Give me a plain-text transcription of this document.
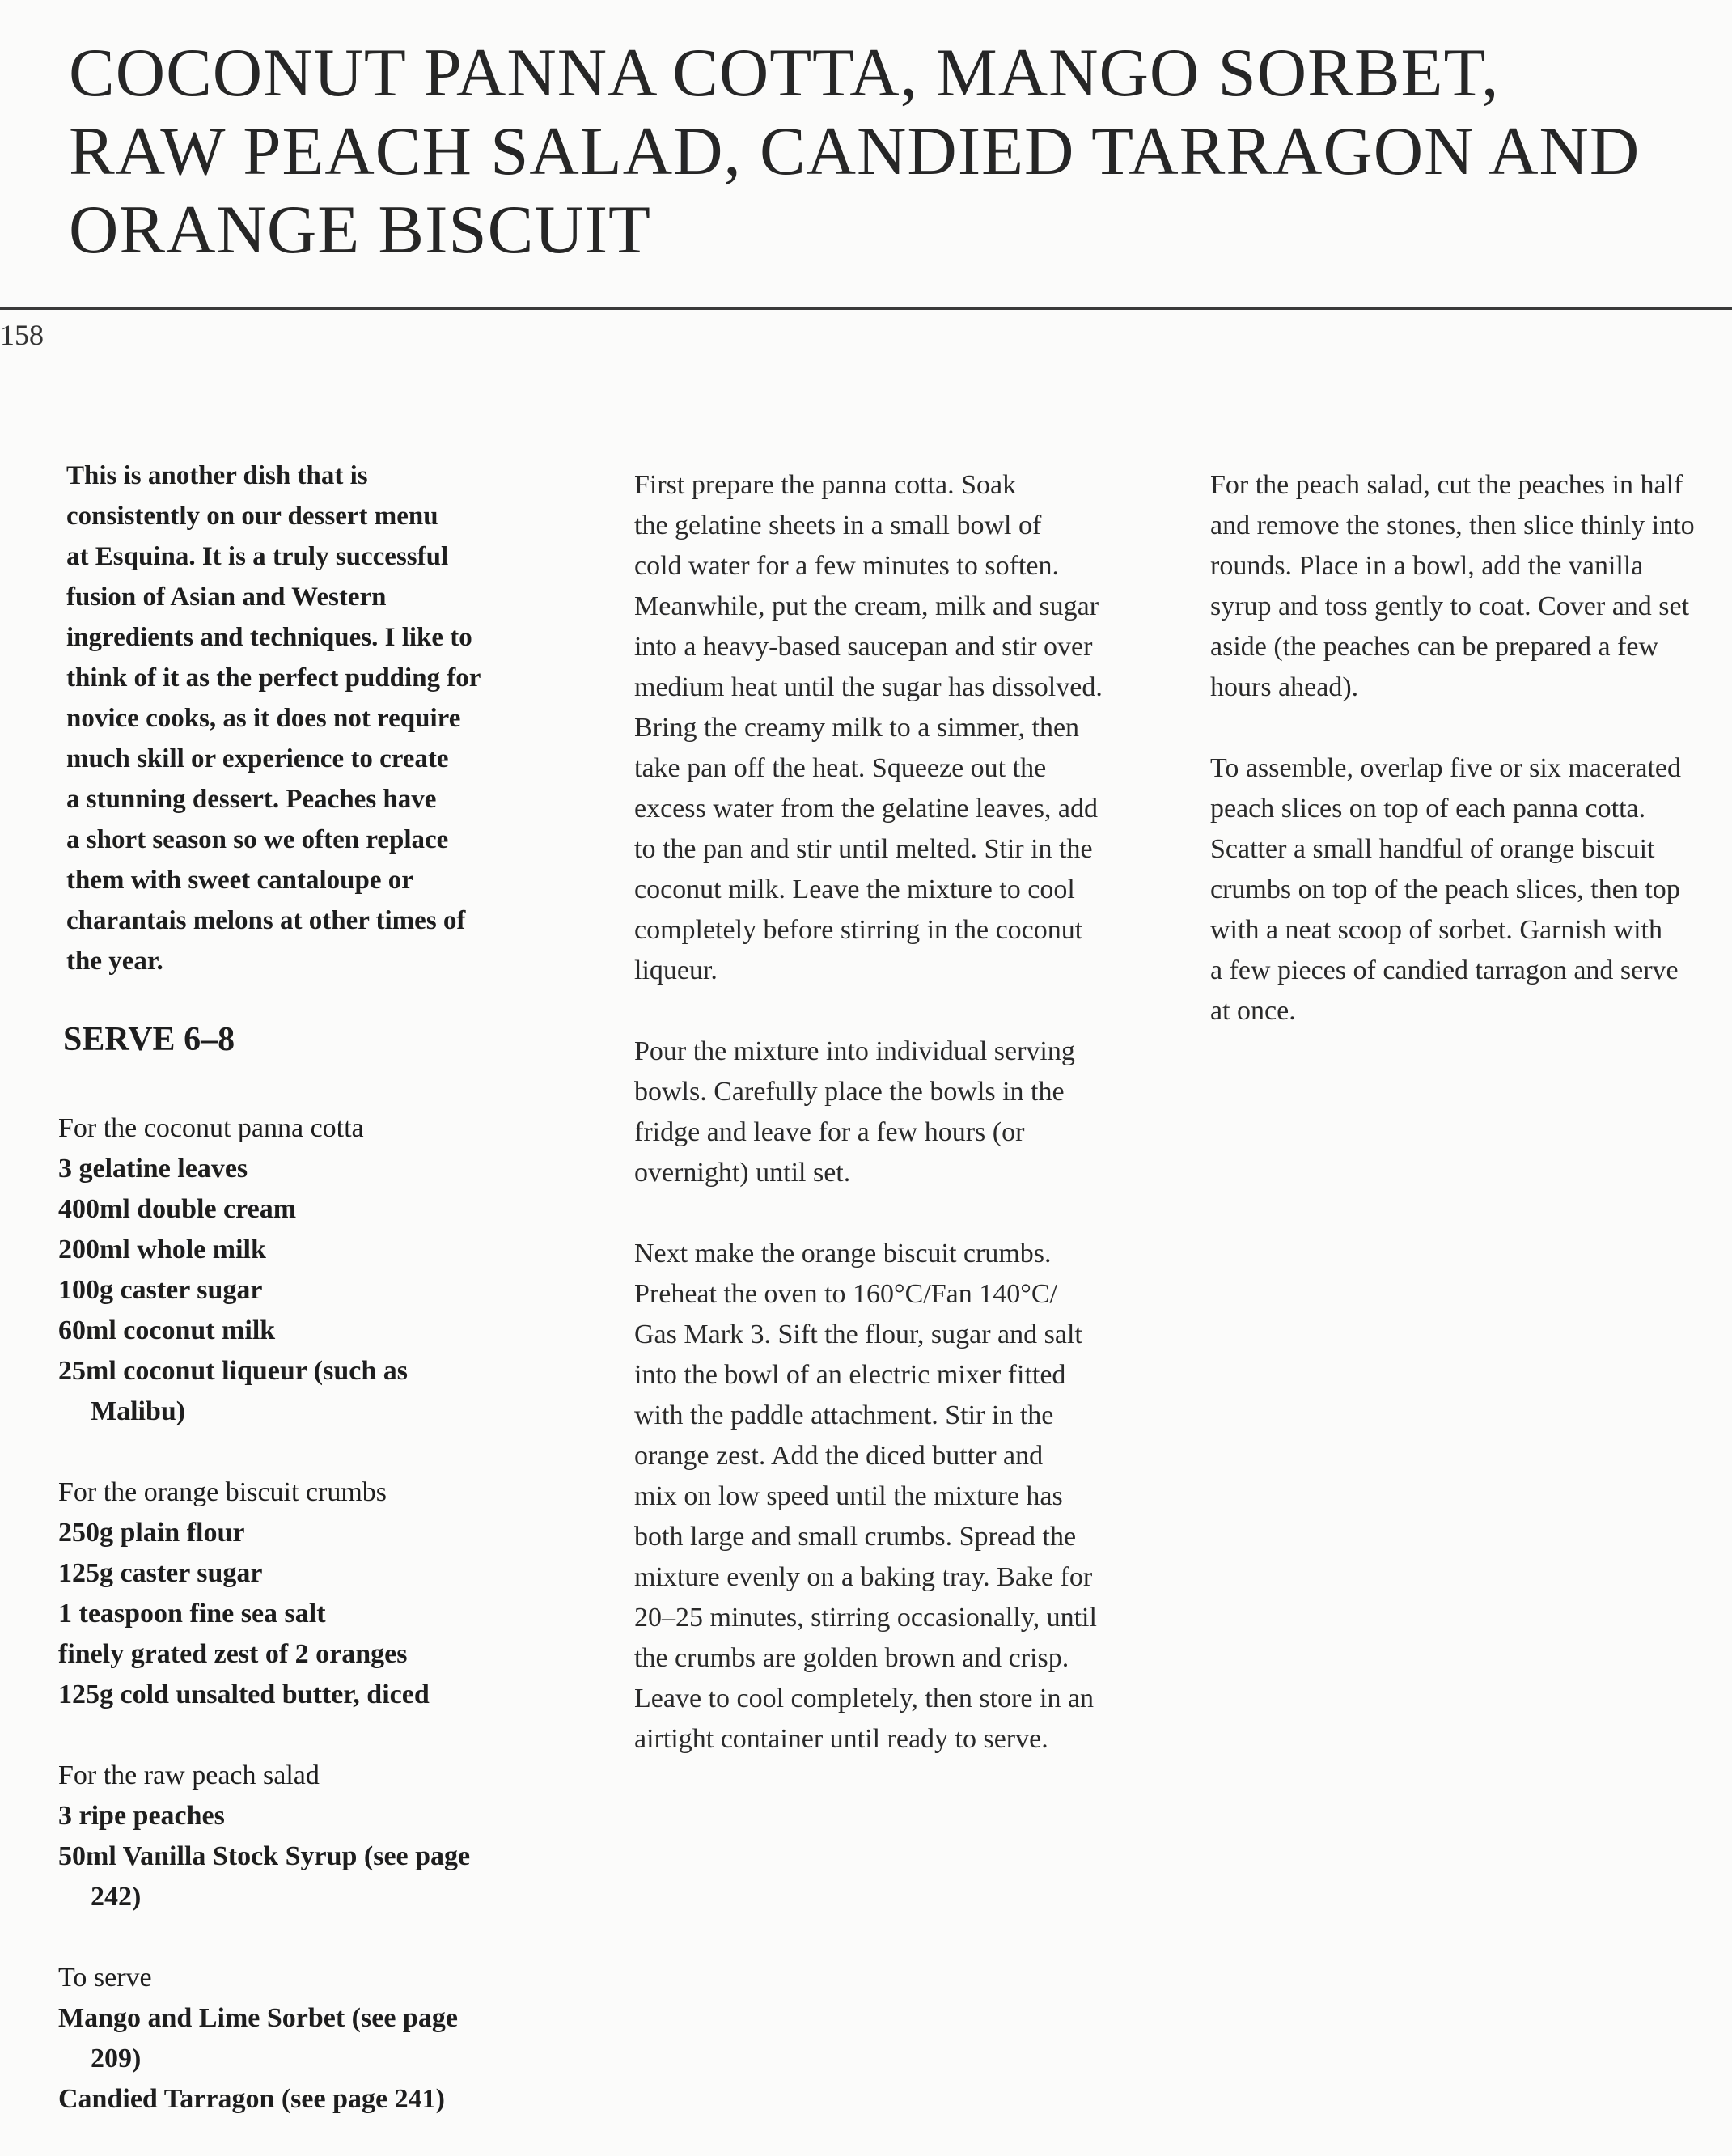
COCONUT PANNA COTTA, MANGO SORBET,
RAW PEACH SALAD, CANDIED TARRAGON AND
ORANGE BISCUIT
158

This is another dish that is

consistently on our dessert menu

at Esquina. It is a truly successful

fusion of Asian and Western

ingredients and techniques. I like to

think of it as the perfect pudding for

novice cooks, as it does not require

much skill or experience to create

a stunning dessert. Peaches have

a short season so we often replace

them with sweet cantaloupe or

charantais melons at other times of

the year.

SERVE 6–8

For the coconut panna cotta

3 gelatine leaves

400ml double cream

200ml whole milk

100g caster sugar

60ml coconut milk

25ml coconut liqueur (such as

Malibu)

For the orange biscuit crumbs

250g plain flour

125g caster sugar

1 teaspoon fine sea salt

finely grated zest of 2 oranges

125g cold unsalted butter, diced

For the raw peach salad

3 ripe peaches

50ml Vanilla Stock Syrup (see page

242)

To serve

Mango and Lime Sorbet (see page

209)

Candied Tarragon (see page 241)

First prepare the panna cotta. Soak

the gelatine sheets in a small bowl of

cold water for a few minutes to soften.

Meanwhile, put the cream, milk and sugar

into a heavy-based saucepan and stir over

medium heat until the sugar has dissolved.

Bring the creamy milk to a simmer, then

take pan off the heat. Squeeze out the

excess water from the gelatine leaves, add

to the pan and stir until melted. Stir in the

coconut milk. Leave the mixture to cool

completely before stirring in the coconut

liqueur.

Pour the mixture into individual serving

bowls. Carefully place the bowls in the

fridge and leave for a few hours (or

overnight) until set.

Next make the orange biscuit crumbs.

Preheat the oven to 160°C/Fan 140°C/

Gas Mark 3. Sift the flour, sugar and salt

into the bowl of an electric mixer fitted

with the paddle attachment. Stir in the

orange zest. Add the diced butter and

mix on low speed until the mixture has

both large and small crumbs. Spread the

mixture evenly on a baking tray. Bake for

20–25 minutes, stirring occasionally, until

the crumbs are golden brown and crisp.

Leave to cool completely, then store in an

airtight container until ready to serve.

For the peach salad, cut the peaches in half

and remove the stones, then slice thinly into

rounds. Place in a bowl, add the vanilla

syrup and toss gently to coat. Cover and set

aside (the peaches can be prepared a few

hours ahead).

To assemble, overlap five or six macerated

peach slices on top of each panna cotta.

Scatter a small handful of orange biscuit

crumbs on top of the peach slices, then top

with a neat scoop of sorbet. Garnish with

a few pieces of candied tarragon and serve

at once.
